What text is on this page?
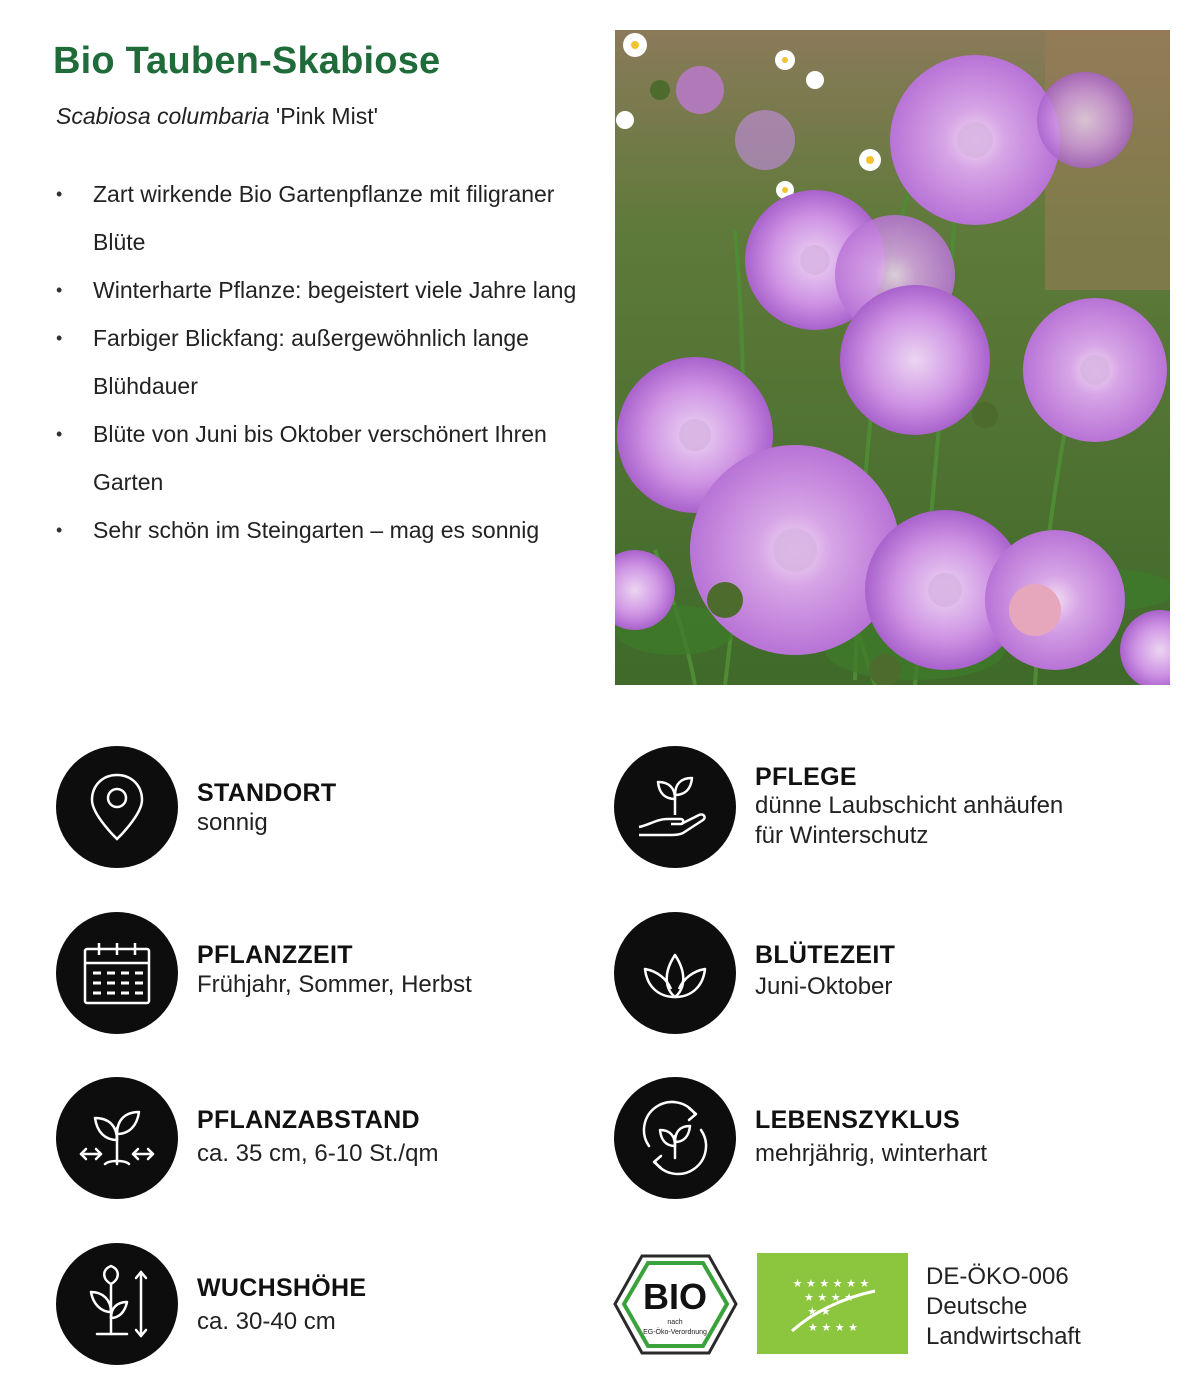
Bio Tauben-Skabiose
Scabiosa columbaria 'Pink Mist'
• Zart wirkende Bio Gartenpflanze mit filigraner Blüte
• Winterharte Pflanze: begeistert viele Jahre lang
• Farbiger Blickfang: außergewöhnlich lange Blühdauer
• Blüte von Juni bis Oktober verschönert Ihren Garten
• Sehr schön im Steingarten – mag es sonnig
STANDORT
sonnig
PFLEGE
dünne Laubschicht anhäufen
für Winterschutz
PFLANZZEIT
Frühjahr, Sommer, Herbst
BLÜTEZEIT
Juni-Oktober
PFLANZABSTAND
ca. 35 cm, 6-10 St./qm
LEBENSZYKLUS
mehrjährig, winterhart
WUCHSHÖHE
ca. 30-40 cm
BIO
nach
EG-Öko-Verordnung
★ ★ ★ ★ ★ ★
★ ★ ★ ★
★ ★
★ ★ ★ ★
DE-ÖKO-006
Deutsche
Landwirtschaft
